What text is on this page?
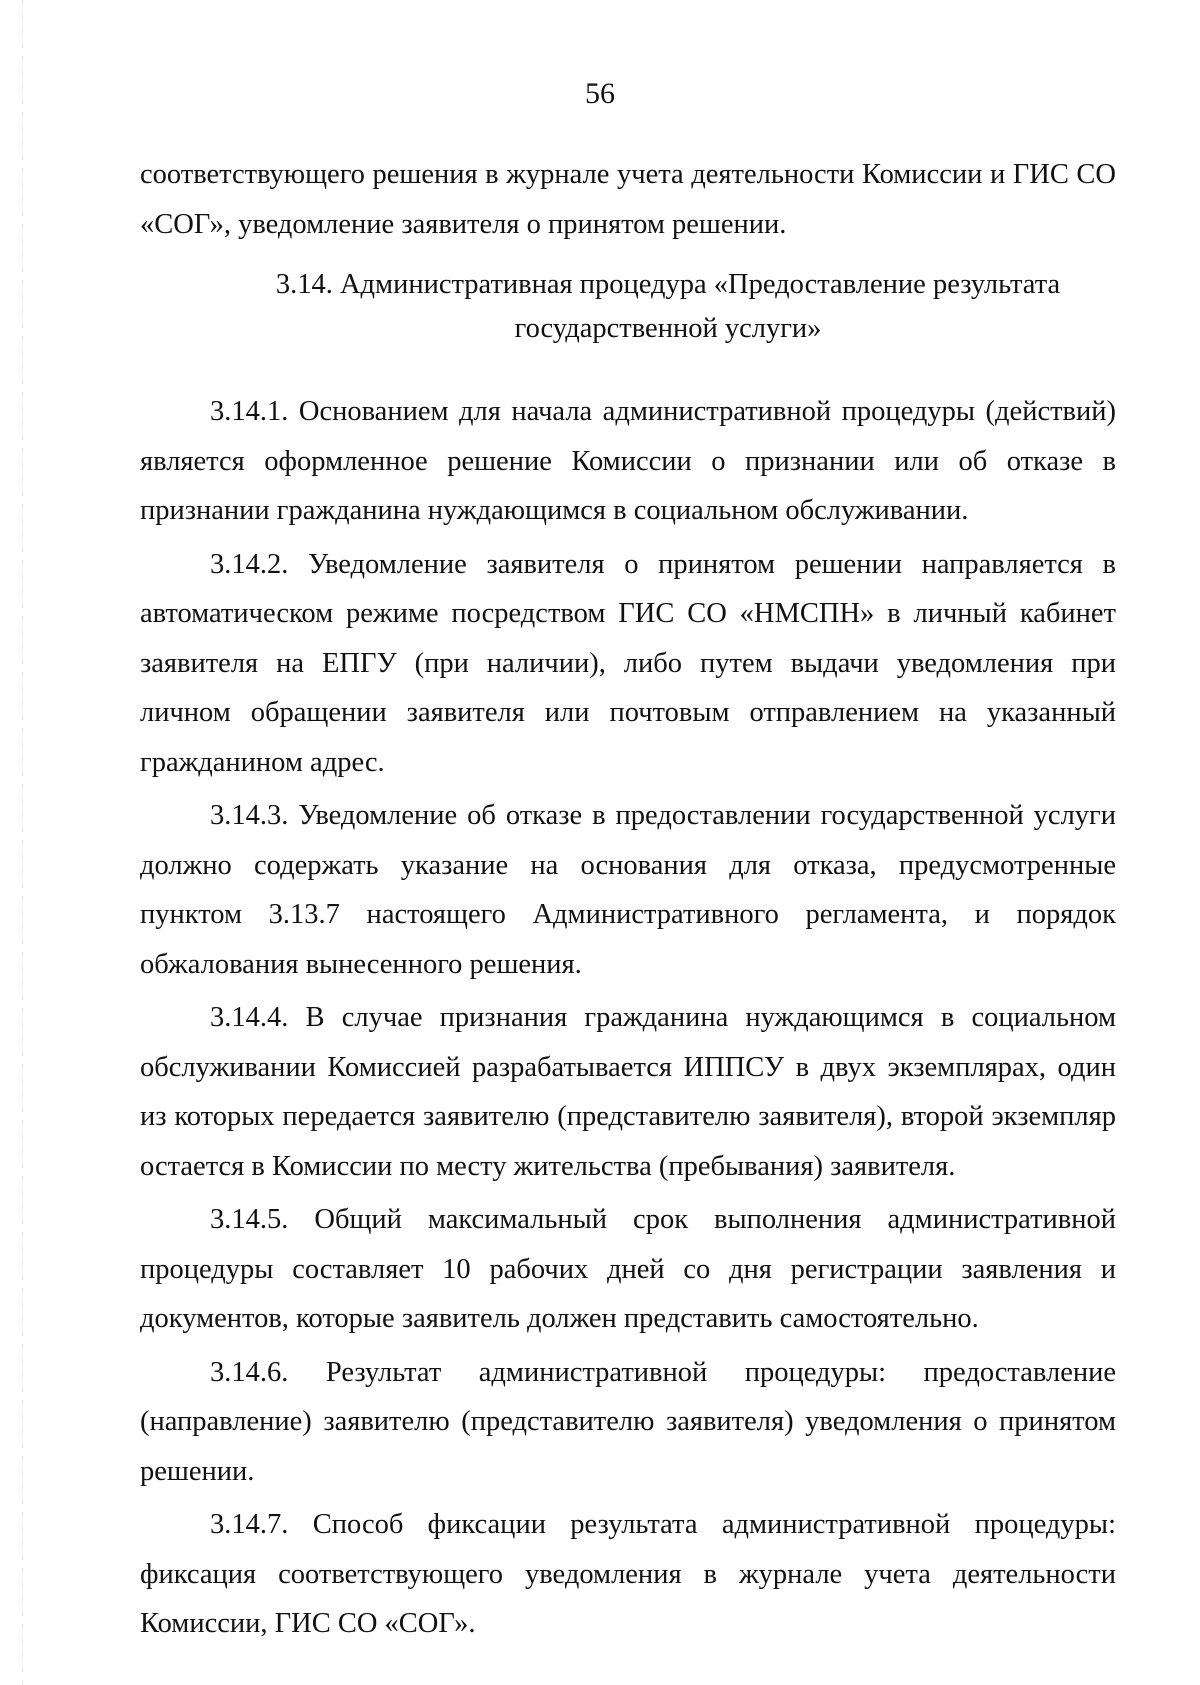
56

соответствующего решения в журнале учета деятельности Комиссии и ГИС СО «СОГ», уведомление заявителя о принятом решении.

3.14. Административная процедура «Предоставление результата
государственной услуги»

3.14.1. Основанием для начала административной процедуры (действий) является оформленное решение Комиссии о признании или об отказе в признании гражданина нуждающимся в социальном обслуживании.

3.14.2. Уведомление заявителя о принятом решении направляется в автоматическом режиме посредством ГИС СО «НМСПН» в личный кабинет заявителя на ЕПГУ (при наличии), либо путем выдачи уведомления при личном обращении заявителя или почтовым отправлением на указанный гражданином адрес.

3.14.3. Уведомление об отказе в предоставлении государственной услуги должно содержать указание на основания для отказа, предусмотренные пунктом 3.13.7 настоящего Административного регламента, и порядок обжалования вынесенного решения.

3.14.4. В случае признания гражданина нуждающимся в социальном обслуживании Комиссией разрабатывается ИППСУ в двух экземплярах, один из которых передается заявителю (представителю заявителя), второй экземпляр остается в Комиссии по месту жительства (пребывания) заявителя.

3.14.5. Общий максимальный срок выполнения административной процедуры составляет 10 рабочих дней со дня регистрации заявления и документов, которые заявитель должен представить самостоятельно.

3.14.6. Результат административной процедуры: предоставление (направление) заявителю (представителю заявителя) уведомления о принятом решении.

3.14.7. Способ фиксации результата административной процедуры: фиксация соответствующего уведомления в журнале учета деятельности Комиссии, ГИС СО «СОГ».
